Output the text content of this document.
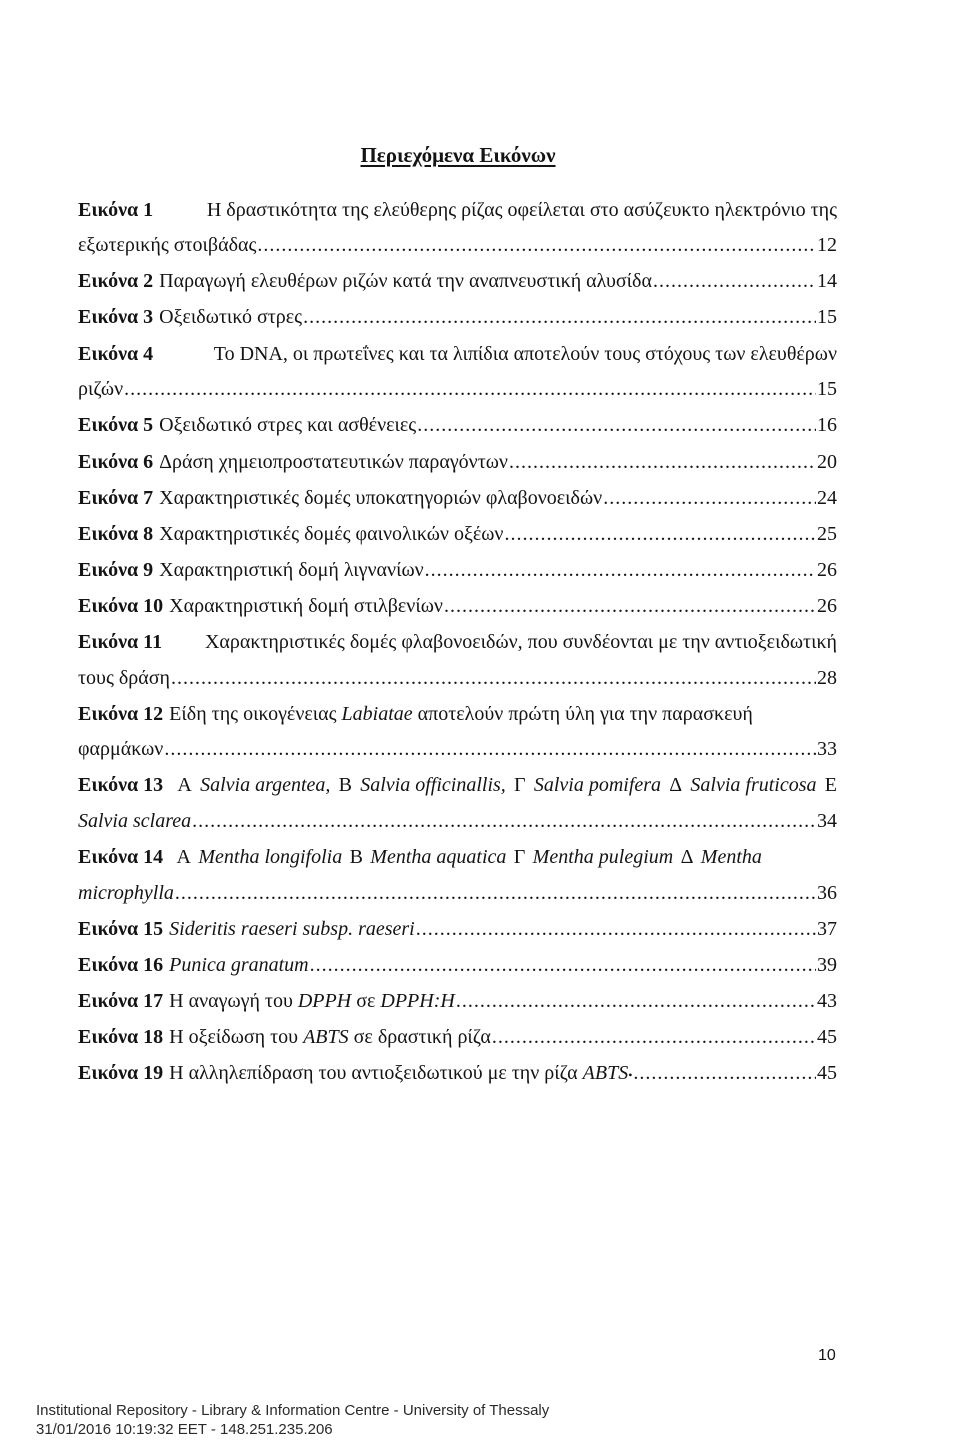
Περιεχόμενα Εικόνων
Εικόνα 1	Η δραστικότητα της ελεύθερης ρίζας οφείλεται στο ασύζευκτο ηλεκτρόνιο της
εξωτερικής στοιβάδας .....	12
Εικόνα 2 Παραγωγή ελευθέρων ριζών κατά την αναπνευστική αλυσίδα .....	14
Εικόνα 3 Οξειδωτικό στρες .....	15
Εικόνα 4	Το DNA, οι πρωτεΐνες και τα λιπίδια αποτελούν τους στόχους των ελευθέρων
ριζών .....	15
Εικόνα 5 Οξειδωτικό στρες και ασθένειες .....	16
Εικόνα 6 Δράση χημειοπροστατευτικών παραγόντων .....	20
Εικόνα 7 Χαρακτηριστικές δομές υποκατηγοριών φλαβονοειδών .....	24
Εικόνα 8 Χαρακτηριστικές δομές φαινολικών οξέων .....	25
Εικόνα 9 Χαρακτηριστική δομή λιγνανίων .....	26
Εικόνα 10 Χαρακτηριστική δομή στιλβενίων .....	26
Εικόνα 11 Χαρακτηριστικές δομές φλαβονοειδών, που συνδέονται με την αντιοξειδωτική
τους δράση .....	28
Εικόνα 12 Είδη της οικογένειας
Labiatae
αποτελούν πρώτη ύλη για την παρασκευή
φαρμάκων .....	33
Εικόνα 13 Α Salvia argentea, Β Salvia officinallis, Γ Salvia pomifera Δ Salvia fruticosa Ε
Salvia sclarea .....	34
Εικόνα 14 Α Mentha longifolia Β Mentha aquatica Γ Mentha pulegium Δ Mentha
microphylla .....	36
Εικόνα 15 Sideritis raeseri subsp. raeseri .....	37
Εικόνα 16 Punica granatum .....	39
Εικόνα 17 Η αναγωγή του
DPPH
σε
DPPH:H .....	43
Εικόνα 18 Η οξείδωση του
ABTS
σε δραστική ρίζα .....	45
Εικόνα 19 Η αλληλεπίδραση του αντιοξειδωτικού με την ρίζα
ABTS • .....	45
10
Institutional Repository - Library & Information Centre - University of Thessaly
31/01/2016 10:19:32 EET - 148.251.235.206
